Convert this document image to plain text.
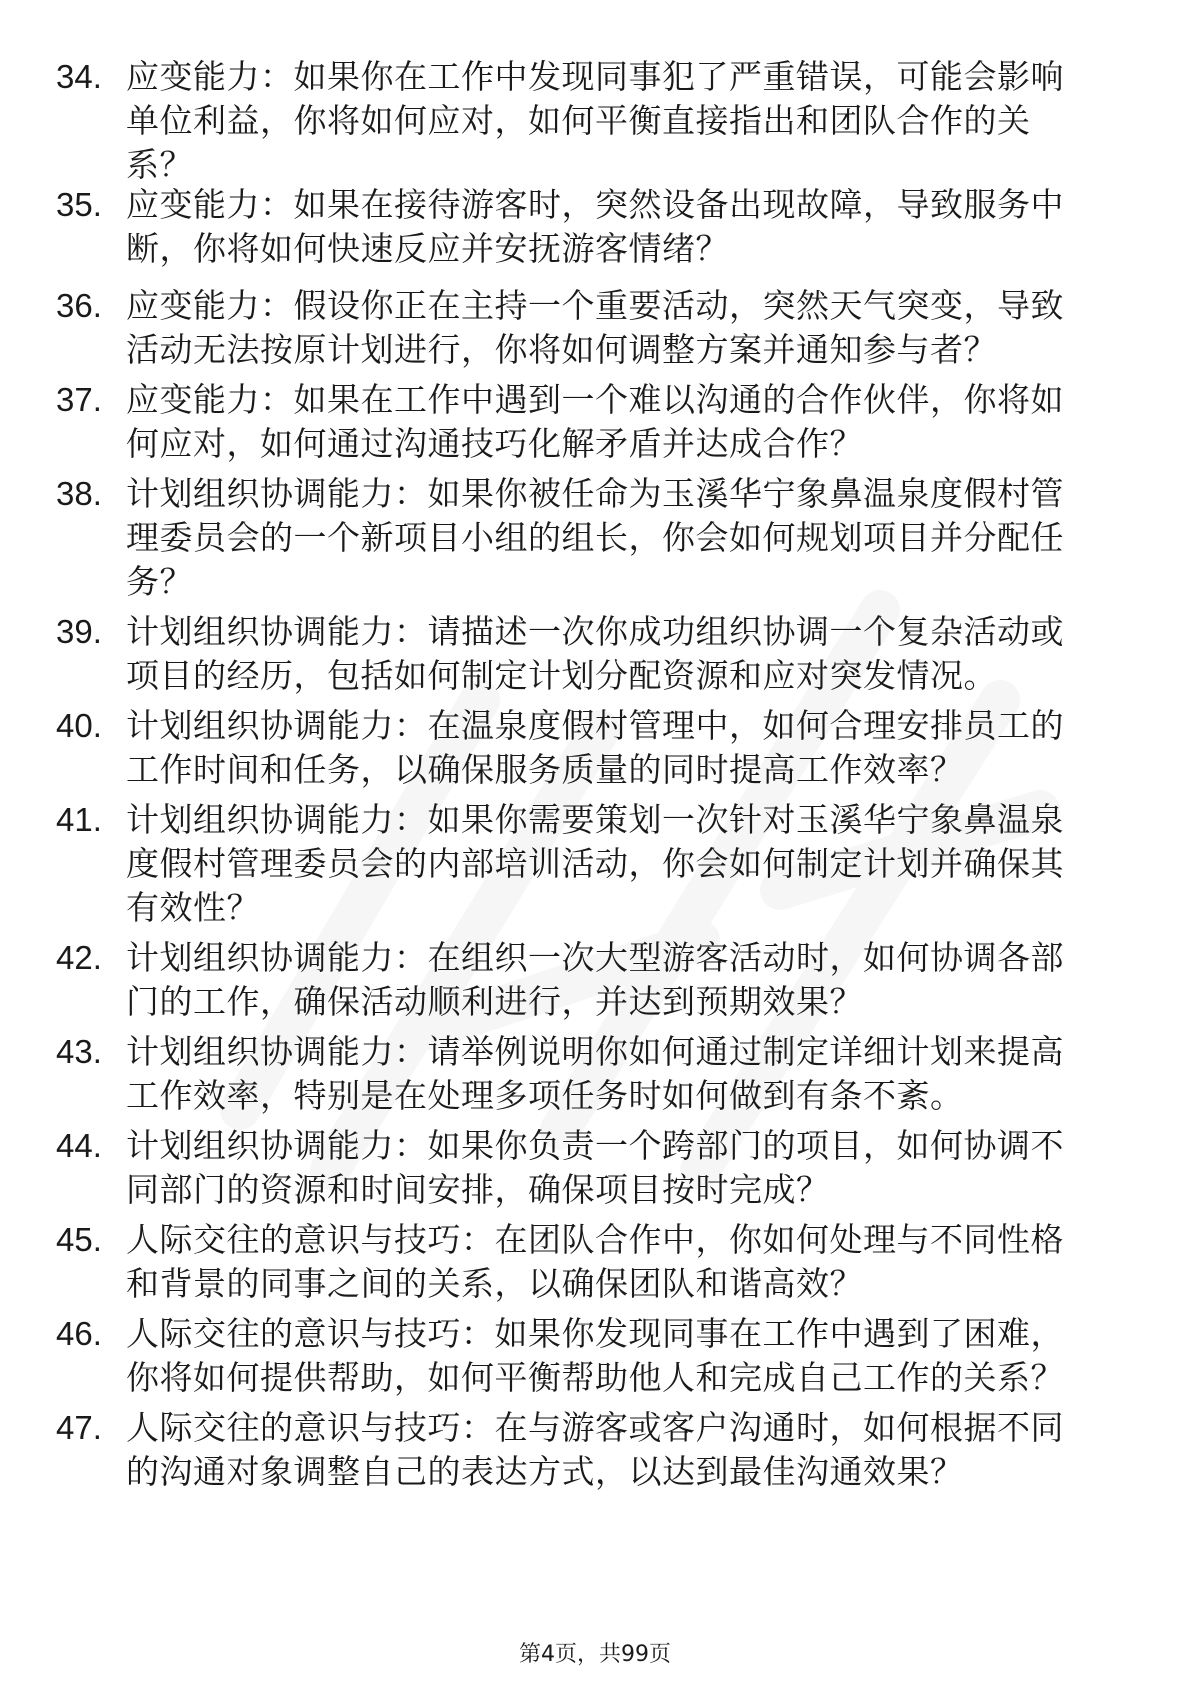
34. 应变能力：如果你在工作中发现同事犯了严重错误，可能会影响
单位利益，你将如何应对，如何平衡直接指出和团队合作的关
系？
35. 应变能力：如果在接待游客时，突然设备出现故障，导致服务中
断，你将如何快速反应并安抚游客情绪？
36. 应变能力：假设你正在主持一个重要活动，突然天气突变，导致
活动无法按原计划进行，你将如何调整方案并通知参与者？
37. 应变能力：如果在工作中遇到一个难以沟通的合作伙伴，你将如
何应对，如何通过沟通技巧化解矛盾并达成合作？
38. 计划组织协调能力：如果你被任命为玉溪华宁象鼻温泉度假村管
理委员会的一个新项目小组的组长，你会如何规划项目并分配任
务？
39. 计划组织协调能力：请描述一次你成功组织协调一个复杂活动或
项目的经历，包括如何制定计划分配资源和应对突发情况。
40. 计划组织协调能力：在温泉度假村管理中，如何合理安排员工的
工作时间和任务，以确保服务质量的同时提高工作效率？
41. 计划组织协调能力：如果你需要策划一次针对玉溪华宁象鼻温泉
度假村管理委员会的内部培训活动，你会如何制定计划并确保其
有效性？
42. 计划组织协调能力：在组织一次大型游客活动时，如何协调各部
门的工作，确保活动顺利进行，并达到预期效果？
43. 计划组织协调能力：请举例说明你如何通过制定详细计划来提高
工作效率，特别是在处理多项任务时如何做到有条不紊。
44. 计划组织协调能力：如果你负责一个跨部门的项目，如何协调不
同部门的资源和时间安排，确保项目按时完成？
45. 人际交往的意识与技巧：在团队合作中，你如何处理与不同性格
和背景的同事之间的关系，以确保团队和谐高效？
46. 人际交往的意识与技巧：如果你发现同事在工作中遇到了困难，
你将如何提供帮助，如何平衡帮助他人和完成自己工作的关系？
47. 人际交往的意识与技巧：在与游客或客户沟通时，如何根据不同
的沟通对象调整自己的表达方式，以达到最佳沟通效果？
第4页，共99页
